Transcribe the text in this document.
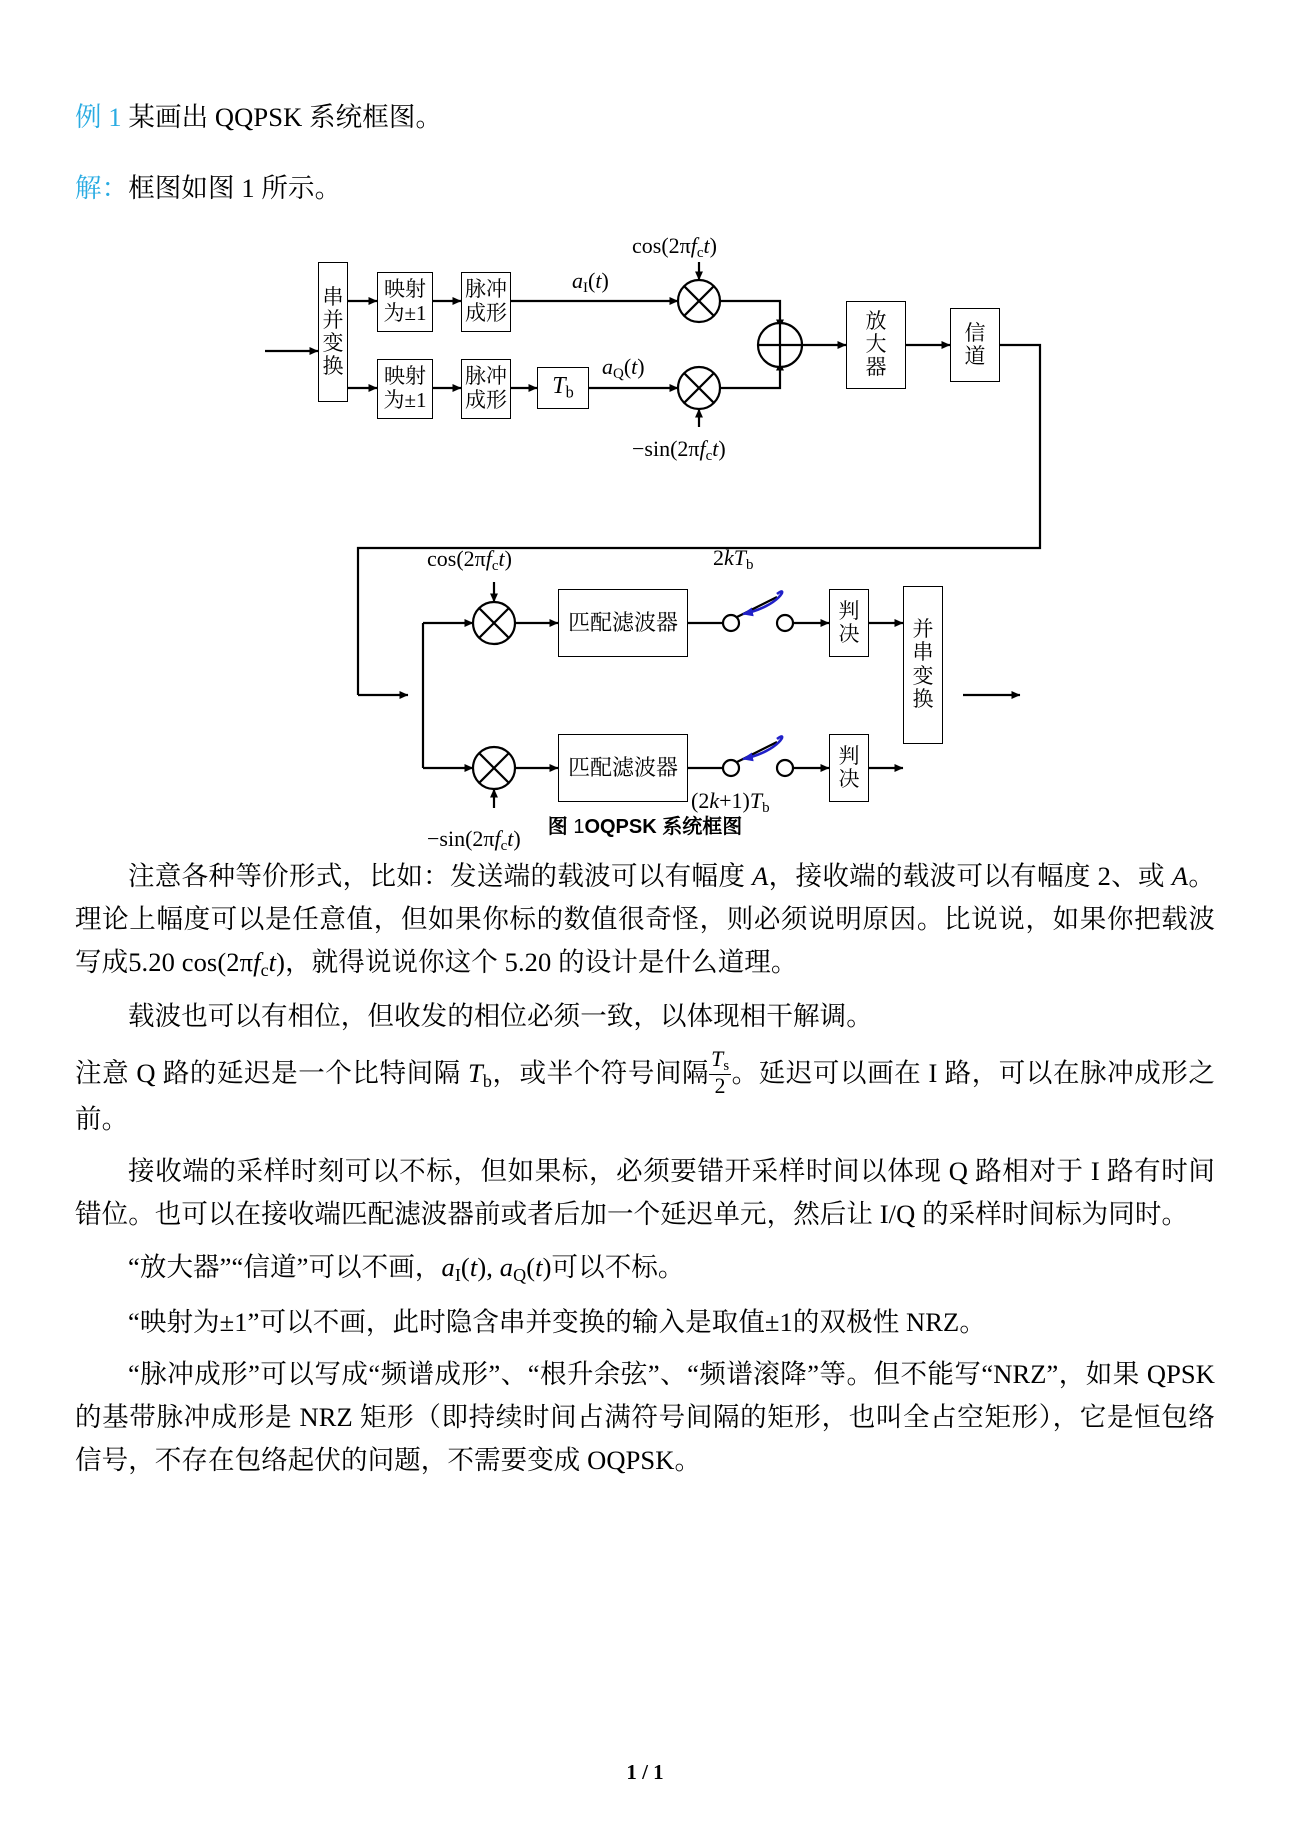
例 1 某画出 QQPSK 系统框图。

解：框图如图 1 所示。

串并变换
映射为±1
映射为±1
脉冲成形
脉冲成形
$T_b$
放大器
信道
$\cos(2\pi f_ct)$
$-\sin(2\pi f_ct)$
$a_I(t)$
$a_Q(t)$
匹配滤波器
匹配滤波器
判决
判决
并串变换
$\cos(2\pi f_ct)$
$-\sin(2\pi f_ct)$
$2kT_b$
$(2k+1)T_b$
图 1OQPSK 系统框图

注意各种等价形式，比如：发送端的载波可以有幅度 A，接收端的载波可以有幅度 2、或 A。理论上幅度可以是任意值，但如果你标的数值很奇怪，则必须说明原因。比说说，如果你把载波写成5.20 $\cos(2\pi f_ct)$，就得说说你这个 5.20 的设计是什么道理。

载波也可以有相位，但收发的相位必须一致，以体现相干解调。

注意 Q 路的延迟是一个比特间隔 $T_b$，或半个符号间隔 $\frac{T_s}{2}$ 。延迟可以画在 I 路，可以在脉冲成形之前。

接收端的采样时刻可以不标，但如果标，必须要错开采样时间以体现 Q 路相对于 I 路有时间错位。也可以在接收端匹配滤波器前或者后加一个延迟单元，然后让 I/Q 的采样时间标为同时。

“放大器”“信道”可以不画，$a_I(t)$, $a_Q(t)$可以不标。

“映射为±1”可以不画，此时隐含串并变换的输入是取值±1的双极性 NRZ。

“脉冲成形”可以写成“频谱成形”、“根升余弦”、“频谱滚降”等。但不能写“NRZ”，如果 QPSK 的基带脉冲成形是 NRZ 矩形（即持续时间占满符号间隔的矩形，也叫全占空矩形），它是恒包络信号，不存在包络起伏的问题，不需要变成 OQPSK。

1 / 1
